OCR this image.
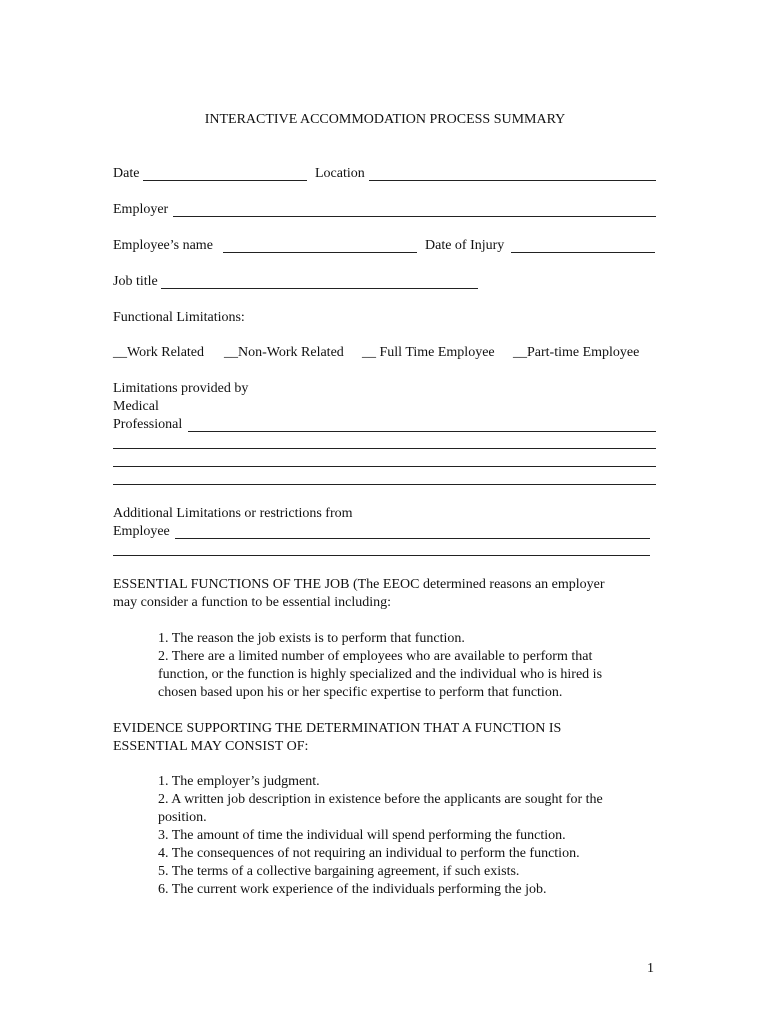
INTERACTIVE ACCOMMODATION PROCESS SUMMARY
Date	Location
Employer
Employee’s name	Date of Injury
Job title
Functional Limitations:
__Work Related __Non-Work Related __ Full Time Employee __Part-time Employee
Limitations provided by
Medical
Professional
Additional Limitations or restrictions from
Employee
ESSENTIAL FUNCTIONS OF THE JOB (The EEOC determined reasons an employer
may consider a function to be essential including:
1. The reason the job exists is to perform that function.
2. There are a limited number of employees who are available to perform that
function, or the function is highly specialized and the individual who is hired is
chosen based upon his or her specific expertise to perform that function.
EVIDENCE SUPPORTING THE DETERMINATION THAT A FUNCTION IS
ESSENTIAL MAY CONSIST OF:
1. The employer’s judgment.
2. A written job description in existence before the applicants are sought for the
position.
3. The amount of time the individual will spend performing the function.
4. The consequences of not requiring an individual to perform the function.
5. The terms of a collective bargaining agreement, if such exists.
6. The current work experience of the individuals performing the job.
1
